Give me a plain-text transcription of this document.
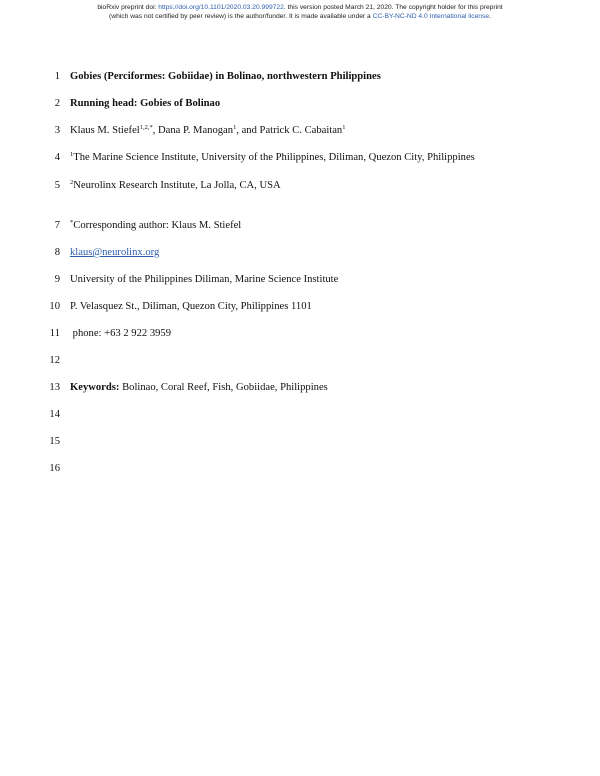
bioRxiv preprint doi: https://doi.org/10.1101/2020.03.20.999722. this version posted March 21, 2020. The copyright holder for this preprint
(which was not certified by peer review) is the author/funder. It is made available under a CC-BY-NC-ND 4.0 International license.
1 Gobies (Perciformes: Gobiidae) in Bolinao, northwestern Philippines
2 Running head: Gobies of Bolinao
3 Klaus M. Stiefel$^{1,2,*}$, Dana P. Manogan$^1$, and Patrick C. Cabaitan$^1$
4 $^1$The Marine Science Institute, University of the Philippines, Diliman, Quezon City, Philippines
5 $^2$Neurolinx Research Institute, La Jolla, CA, USA
7 *Corresponding author: Klaus M. Stiefel
8 klaus@neurolinx.org
9 University of the Philippines Diliman, Marine Science Institute
10 P. Velasquez St., Diliman, Quezon City, Philippines 1101
11 phone: +63 2 922 3959
12
13 Keywords: Bolinao, Coral Reef, Fish, Gobiidae, Philippines
14
15
16
